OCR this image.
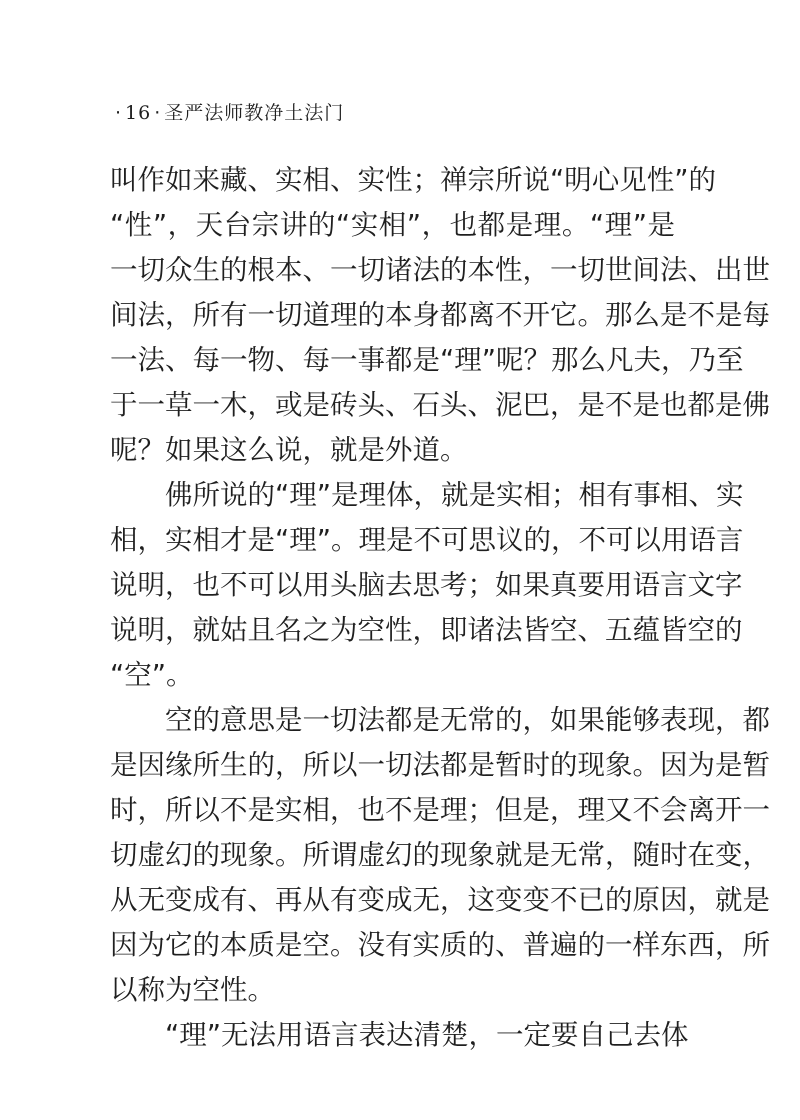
· 16 · 圣严法师教净土法门
叫作如来藏、实相、实性；禅宗所说“明心见性”的
“性”，天台宗讲的“实相”，也都是理。“理”是
一切众生的根本、一切诸法的本性，一切世间法、出世
间法，所有一切道理的本身都离不开它。那么是不是每
一法、每一物、每一事都是“理”呢？那么凡夫，乃至
于一草一木，或是砖头、石头、泥巴，是不是也都是佛
呢？如果这么说，就是外道。
佛所说的“理”是理体，就是实相；相有事相、实
相，实相才是“理”。理是不可思议的，不可以用语言
说明，也不可以用头脑去思考；如果真要用语言文字
说明，就姑且名之为空性，即诸法皆空、五蕴皆空的
“空”。
空的意思是一切法都是无常的，如果能够表现，都
是因缘所生的，所以一切法都是暂时的现象。因为是暂
时，所以不是实相，也不是理；但是，理又不会离开一
切虚幻的现象。所谓虚幻的现象就是无常，随时在变，
从无变成有、再从有变成无，这变变不已的原因，就是
因为它的本质是空。没有实质的、普遍的一样东西，所
以称为空性。
“理”无法用语言表达清楚，一定要自己去体
